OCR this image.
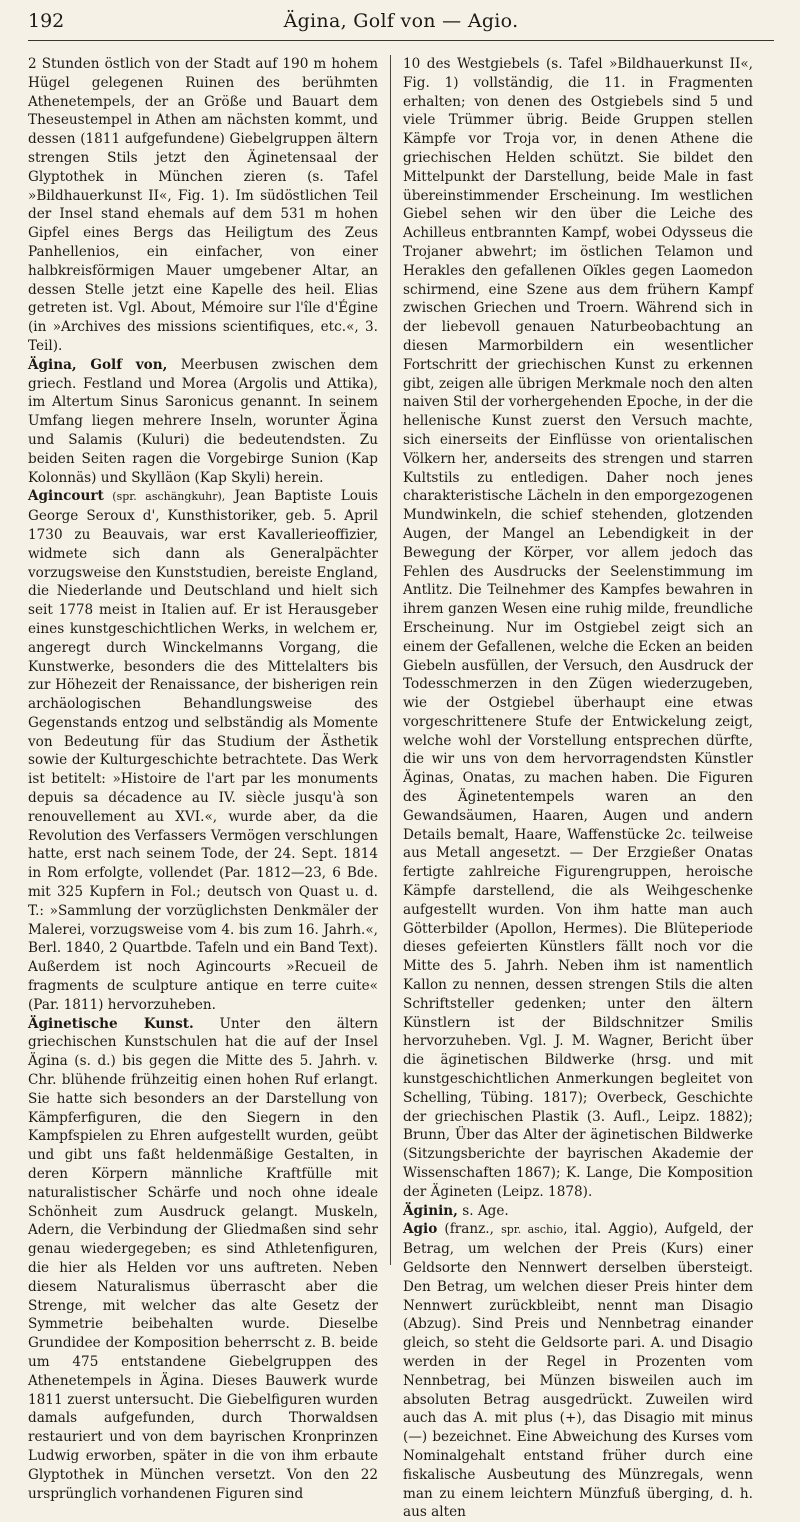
192	Ägina, Golf von — Agio.

2 Stunden östlich von der Stadt auf 190 m hohem Hügel gelegenen Ruinen des berühmten Athenetempels, der an Größe und Bauart dem Theseustempel in Athen am nächsten kommt, und dessen (1811 aufgefundene) Giebelgruppen ältern strengen Stils jetzt den Äginetensaal der Glyptothek in München zieren (s. Tafel »Bildhauerkunst II«, Fig. 1). Im südöstlichen Teil der Insel stand ehemals auf dem 531 m hohen Gipfel eines Bergs das Heiligtum des Zeus Panhellenios, ein einfacher, von einer halbkreisförmigen Mauer umgebener Altar, an dessen Stelle jetzt eine Kapelle des heil. Elias getreten ist. Vgl. About, Mémoire sur l'île d'Égine (in »Archives des missions scientifiques, etc.«, 3. Teil).

Ägina, Golf von, Meerbusen zwischen dem griech. Festland und Morea (Argolis und Attika), im Altertum Sinus Saronicus genannt. In seinem Umfang liegen mehrere Inseln, worunter Ägina und Salamis (Kuluri) die bedeutendsten. Zu beiden Seiten ragen die Vorgebirge Sunion (Kap Kolonnäs) und Skylläon (Kap Skyli) herein.

Agincourt (spr. aschängkuhr), Jean Baptiste Louis George Seroux d', Kunsthistoriker, geb. 5. April 1730 zu Beauvais, war erst Kavallerieoffizier, widmete sich dann als Generalpächter vorzugsweise den Kunststudien, bereiste England, die Niederlande und Deutschland und hielt sich seit 1778 meist in Italien auf. Er ist Herausgeber eines kunstgeschichtlichen Werks, in welchem er, angeregt durch Winckelmanns Vorgang, die Kunstwerke, besonders die des Mittelalters bis zur Höhezeit der Renaissance, der bisherigen rein archäologischen Behandlungsweise des Gegenstands entzog und selbständig als Momente von Bedeutung für das Studium der Ästhetik sowie der Kulturgeschichte betrachtete. Das Werk ist betitelt: »Histoire de l'art par les monuments depuis sa décadence au IV. siècle jusqu'à son renouvellement au XVI.«, wurde aber, da die Revolution des Verfassers Vermögen verschlungen hatte, erst nach seinem Tode, der 24. Sept. 1814 in Rom erfolgte, vollendet (Par. 1812—23, 6 Bde. mit 325 Kupfern in Fol.; deutsch von Quast u. d. T.: »Sammlung der vorzüglichsten Denkmäler der Malerei, vorzugsweise vom 4. bis zum 16. Jahrh.«, Berl. 1840, 2 Quartbde. Tafeln und ein Band Text). Außerdem ist noch Agincourts »Recueil de fragments de sculpture antique en terre cuite« (Par. 1811) hervorzuheben.

Äginetische Kunst. Unter den ältern griechischen Kunstschulen hat die auf der Insel Ägina (s. d.) bis gegen die Mitte des 5. Jahrh. v. Chr. blühende frühzeitig einen hohen Ruf erlangt. Sie hatte sich besonders an der Darstellung von Kämpferfiguren, die den Siegern in den Kampfspielen zu Ehren aufgestellt wurden, geübt und gibt uns faßt heldenmäßige Gestalten, in deren Körpern männliche Kraftfülle mit naturalistischer Schärfe und noch ohne ideale Schönheit zum Ausdruck gelangt. Muskeln, Adern, die Verbindung der Gliedmaßen sind sehr genau wiedergegeben; es sind Athletenfiguren, die hier als Helden vor uns auftreten. Neben diesem Naturalismus überrascht aber die Strenge, mit welcher das alte Gesetz der Symmetrie beibehalten wurde. Dieselbe Grundidee der Komposition beherrscht z. B. beide um 475 entstandene Giebelgruppen des Athenetempels in Ägina. Dieses Bauwerk wurde 1811 zuerst untersucht. Die Giebelfiguren wurden damals aufgefunden, durch Thorwaldsen restauriert und von dem bayrischen Kronprinzen Ludwig erworben, später in die von ihm erbaute Glyptothek in München versetzt. Von den 22 ursprünglich vorhandenen Figuren sind

10 des Westgiebels (s. Tafel »Bildhauerkunst II«, Fig. 1) vollständig, die 11. in Fragmenten erhalten; von denen des Ostgiebels sind 5 und viele Trümmer übrig. Beide Gruppen stellen Kämpfe vor Troja vor, in denen Athene die griechischen Helden schützt. Sie bildet den Mittelpunkt der Darstellung, beide Male in fast übereinstimmender Erscheinung. Im westlichen Giebel sehen wir den über die Leiche des Achilleus entbrannten Kampf, wobei Odysseus die Trojaner abwehrt; im östlichen Telamon und Herakles den gefallenen Oïkles gegen Laomedon schirmend, eine Szene aus dem frühern Kampf zwischen Griechen und Troern. Während sich in der liebevoll genauen Naturbeobachtung an diesen Marmorbildern ein wesentlicher Fortschritt der griechischen Kunst zu erkennen gibt, zeigen alle übrigen Merkmale noch den alten naiven Stil der vorhergehenden Epoche, in der die hellenische Kunst zuerst den Versuch machte, sich einerseits der Einflüsse von orientalischen Völkern her, anderseits des strengen und starren Kultstils zu entledigen. Daher noch jenes charakteristische Lächeln in den emporgezogenen Mundwinkeln, die schief stehenden, glotzenden Augen, der Mangel an Lebendigkeit in der Bewegung der Körper, vor allem jedoch das Fehlen des Ausdrucks der Seelenstimmung im Antlitz. Die Teilnehmer des Kampfes bewahren in ihrem ganzen Wesen eine ruhig milde, freundliche Erscheinung. Nur im Ostgiebel zeigt sich an einem der Gefallenen, welche die Ecken an beiden Giebeln ausfüllen, der Versuch, den Ausdruck der Todesschmerzen in den Zügen wiederzugeben, wie der Ostgiebel überhaupt eine etwas vorgeschrittenere Stufe der Entwickelung zeigt, welche wohl der Vorstellung entsprechen dürfte, die wir uns von dem hervorragendsten Künstler Äginas, Onatas, zu machen haben. Die Figuren des Äginetentempels waren an den Gewandsäumen, Haaren, Augen und andern Details bemalt, Haare, Waffenstücke 2c. teilweise aus Metall angesetzt. — Der Erzgießer Onatas fertigte zahlreiche Figurengruppen, heroische Kämpfe darstellend, die als Weihgeschenke aufgestellt wurden. Von ihm hatte man auch Götterbilder (Apollon, Hermes). Die Blüteperiode dieses gefeierten Künstlers fällt noch vor die Mitte des 5. Jahrh. Neben ihm ist namentlich Kallon zu nennen, dessen strengen Stils die alten Schriftsteller gedenken; unter den ältern Künstlern ist der Bildschnitzer Smilis hervorzuheben. Vgl. J. M. Wagner, Bericht über die äginetischen Bildwerke (hrsg. und mit kunstgeschichtlichen Anmerkungen begleitet von Schelling, Tübing. 1817); Overbeck, Geschichte der griechischen Plastik (3. Aufl., Leipz. 1882); Brunn, Über das Alter der äginetischen Bildwerke (Sitzungsberichte der bayrischen Akademie der Wissenschaften 1867); K. Lange, Die Komposition der Ägineten (Leipz. 1878).

Äginin, s. Age.

Agio (franz., spr. aschio, ital. Aggio), Aufgeld, der Betrag, um welchen der Preis (Kurs) einer Geldsorte den Nennwert derselben übersteigt. Den Betrag, um welchen dieser Preis hinter dem Nennwert zurückbleibt, nennt man Disagio (Abzug). Sind Preis und Nennbetrag einander gleich, so steht die Geldsorte pari. A. und Disagio werden in der Regel in Prozenten vom Nennbetrag, bei Münzen bisweilen auch im absoluten Betrag ausgedrückt. Zuweilen wird auch das A. mit plus (+), das Disagio mit minus (—) bezeichnet. Eine Abweichung des Kurses vom Nominalgehalt entstand früher durch eine fiskalische Ausbeutung des Münzregals, wenn man zu einem leichtern Münzfuß überging, d. h. aus alten
